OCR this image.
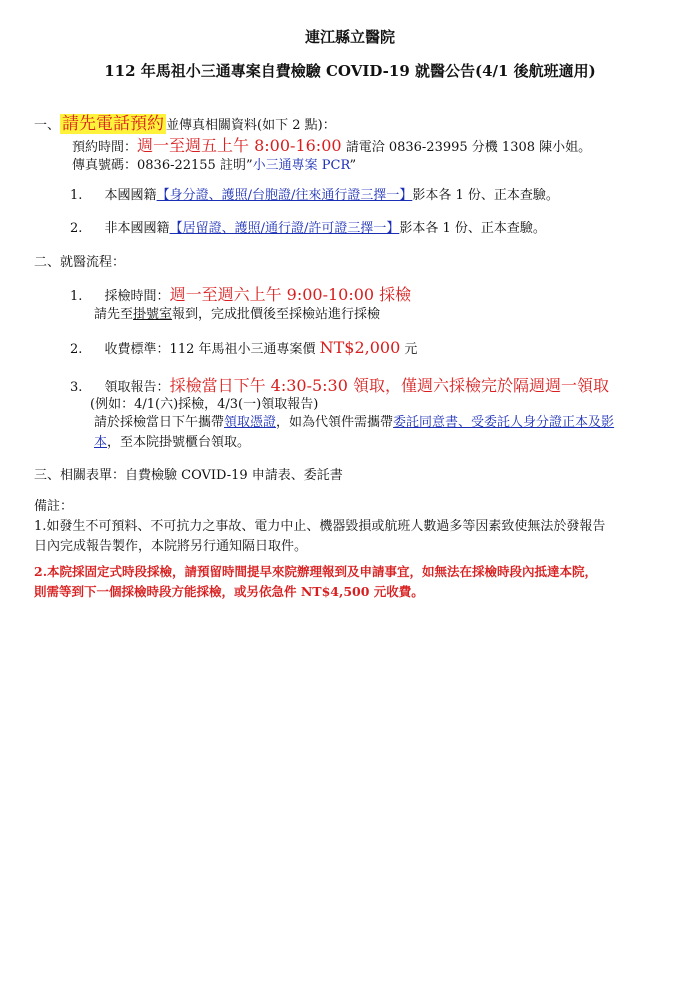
連江縣立醫院
112 年馬祖小三通專案自費檢驗 COVID-19 就醫公告(4/1 後航班適用)
一、 請先電話預約 並傳真相關資料(如下 2 點)：
預約時間：週一至週五上午 8:00-16:00 請電洽 0836-23995 分機 1308 陳小姐。
傳真號碼：0836-22155 註明”小三通專案 PCR”
1. 本國國籍【身分證、護照/台胞證/往來通行證三擇一】影本各 1 份、正本查驗。
2. 非本國國籍【居留證、護照/通行證/許可證三擇一】影本各 1 份、正本查驗。
二、就醫流程：
1. 採檢時間：週一至週六上午 9:00-10:00 採檢
請先至掛號室報到，完成批價後至採檢站進行採檢
2. 收費標準：112 年馬祖小三通專案價 NT$2,000 元
3. 領取報告：採檢當日下午 4:30-5:30 領取，僅週六採檢完於隔週週一領取
(例如：4/1(六)採檢，4/3(一)領取報告)
請於採檢當日下午攜帶領取憑證，如為代領件需攜帶委託同意書、受委託人身分證正本及影
本，至本院掛號櫃台領取。
三、相關表單：自費檢驗 COVID-19 申請表、委託書
備註：
1.如發生不可預料、不可抗力之事故、電力中止、機器毀損或航班人數過多等因素致使無法於發報告
日內完成報告製作，本院將另行通知隔日取件。
2.本院採固定式時段採檢，請預留時間提早來院辦理報到及申請事宜，如無法在採檢時段內抵達本院，
則需等到下一個採檢時段方能採檢，或另依急件 NT$4,500 元收費。
